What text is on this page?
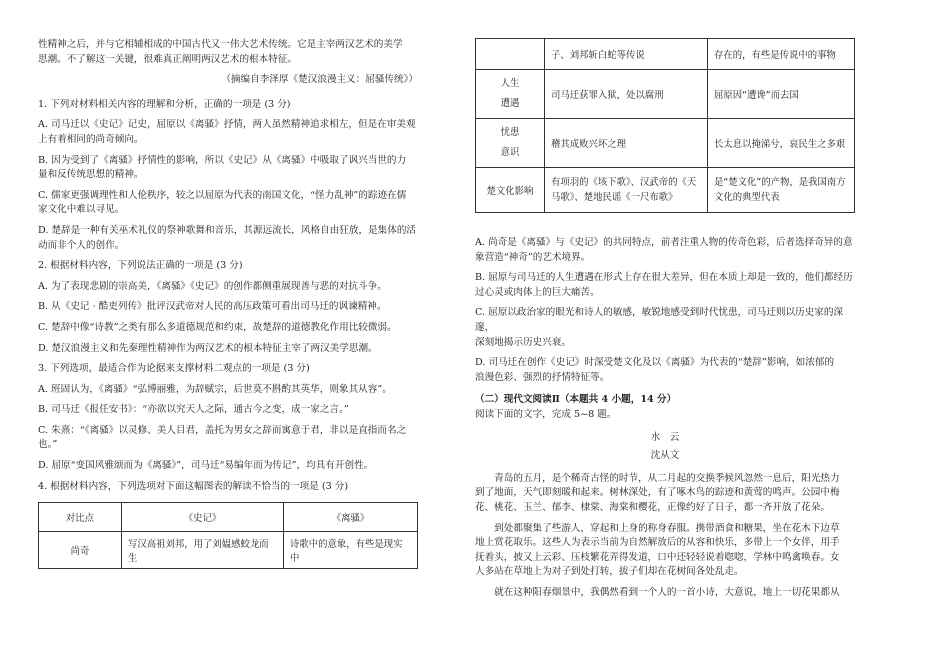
性精神之后，并与它相辅相成的中国古代又一伟大艺术传统。它是主宰两汉艺术的美学

思潮。不了解这一关键，很难真正阐明两汉艺术的根本特征。

（摘编自李泽厚《楚汉浪漫主义：屈骚传统》）

1. 下列对材料相关内容的理解和分析，正确的一项是 (3 分)

A. 司马迁以《史记》记史，屈原以《离骚》抒情，两人虽然精神追求相左，但是在审美观

上有着相同的尚奇倾向。

B. 因为受到了《离骚》抒情性的影响，所以《史记》从《离骚》中吸取了讽兴当世的力

量和反传统思想的精神。

C. 儒家更强调理性和人伦秩序，较之以屈原为代表的南国文化，“怪力乱神”的踪迹在儒

家文化中难以寻见。

D. 楚辞是一种有关巫术礼仪的祭神歌舞和音乐，其源远流长，风格自由狂放，是集体的活

动而非个人的创作。

2. 根据材料内容，下列说法正确的一项是 (3 分)

A. 为了表现悲剧的崇高美，《离骚》《史记》的创作都侧重展现善与恶的对抗斗争。

B. 从《史记 · 酷吏列传》批评汉武帝对人民的高压政策可看出司马迁的讽谏精神。

C. 楚辞中像“诗教”之类有那么多道德规范和约束，故楚辞的道德教化作用比较微弱。

D. 楚汉浪漫主义和先秦理性精神作为两汉艺术的根本特征主宰了两汉美学思潮。

3. 下列选项，最适合作为论据来支撑材料二观点的一项是 (3 分)

A. 班固认为，《离骚》“弘博丽雅，为辞赋宗，后世莫不斟酌其英华，则象其从容”。

B. 司马迁《报任安书》：“亦欲以究天人之际，通古今之变，成一家之言。”

C. 朱熹：“《离骚》以灵修、美人目君，盖托为男女之辞而寓意于君，非以是直指而名之

也。”

D. 屈原“变国风雅颂而为《离骚》”，司马迁“易编年而为传记”，均具有开创性。

4. 根据材料内容，下列选项对下面这幅图表的解读不恰当的一项是 (3 分)

对比点	《史记》	《离骚》
尚奇	写汉高祖刘邦，用了刘媪感蛟龙而生	诗歌中的意象，有些是现实中
	子、刘邦斩白蛇等传说	存在的，有些是传说中的事物
人生
遭遇	司马迁获罪入狱，处以腐刑	屈原因“遭谗”而去国
忧患
意识	稽其成败兴坏之理	长太息以掩涕兮，哀民生之多艰
楚文化影响	有项羽的《垓下歌》、汉武帝的《天马歌》、楚地民谣《一尺布歌》	是“楚文化”的产物，是我国南方文化的典型代表

A. 尚奇是《离骚》与《史记》的共同特点，前者注重人物的传奇色彩，后者选择奇异的意

象营造“神奇”的艺术境界。

B. 屈原与司马迁的人生遭遇在形式上存在很大差异，但在本质上却是一致的，他们都经历

过心灵或肉体上的巨大痛苦。

C. 屈原以政治家的眼光和诗人的敏感，敏锐地感受到时代忧患，司马迁则以历史家的深邃，

深刻地揭示历史兴衰。

D. 司马迁在创作《史记》时深受楚文化及以《离骚》为代表的“楚辞”影响，如浓郁的

浪漫色彩、强烈的抒情特征等。

（二）现代文阅读Ⅱ（本题共 4 小题，14 分）

阅读下面的文字，完成 5~8 题。

水　云

沈从文

　　青岛的五月，是个稀奇古怪的时节，从二月起的交换季候风忽然一息后，阳光热力

到了地面，天气即刻暖和起来。树林深处，有了啄木鸟的踪迹和黄莺的鸣声。公园中梅

花、桃花、玉兰、郁李、棣棠、海棠和樱花，正像约好了日子，都一齐开放了花朵。

　　到处都聚集了些游人，穿起和上身的称身春服。携带酒食和糖果，坐在花木下边草

地上赏花取乐。这些人为表示当前为自然解放后的从容和快乐，多带上一个女伴，用手

抚着头，披又上云彩、压枝繁花弄得发道，口中还轻轻说着唿唿，学林中鸣禽唤春。女

人多站在草地上为对子到处打转，拔子们却在花树间各处乱走。

　　就在这种阳春烟景中，我偶然看到一个人的一首小诗，大意说，地上一切花果都从
